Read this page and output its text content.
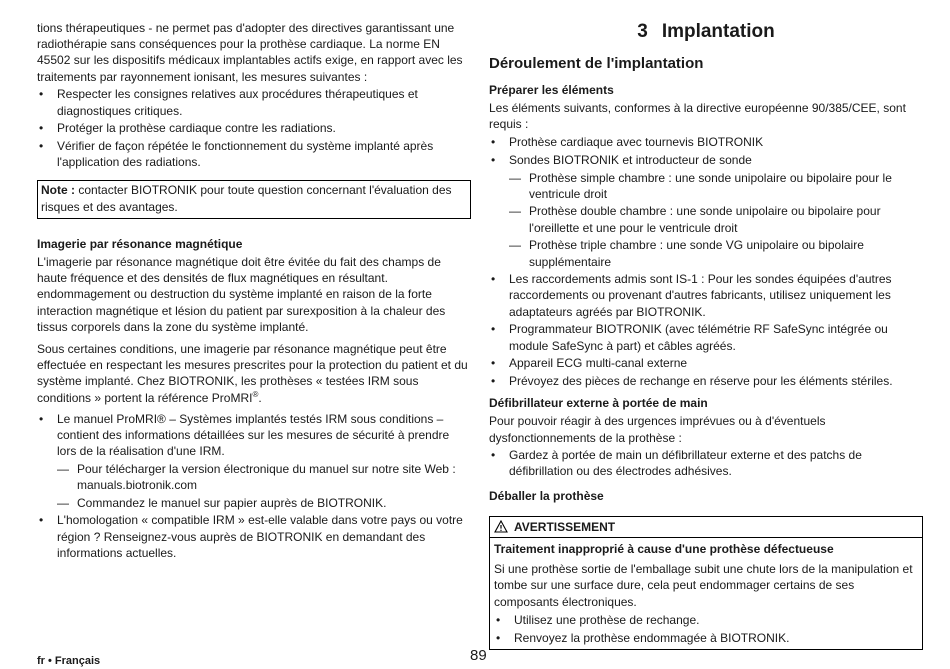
tions thérapeutiques - ne permet pas d'adopter des directives garantissant une radiothérapie sans conséquences pour la prothèse cardiaque. La norme EN 45502 sur les dispositifs médicaux implantables actifs exige, en rapport avec les traitements par rayonnement ionisant, les mesures suivantes :

• Respecter les consignes relatives aux procédures thérapeutiques et diagnostiques critiques.
• Protéger la prothèse cardiaque contre les radiations.
• Vérifier de façon répétée le fonctionnement du système implanté après l'application des radiations.
Note : contacter BIOTRONIK pour toute question concernant l'évaluation des risques et des avantages.
Imagerie par résonance magnétique

L'imagerie par résonance magnétique doit être évitée du fait des champs de haute fréquence et des densités de flux magnétiques en résultant. endommagement ou destruction du système implanté en raison de la forte interaction magnétique et lésion du patient par surexposition à la chaleur des tissus corporels dans la zone du système implanté.

Sous certaines conditions, une imagerie par résonance magnétique peut être effectuée en respectant les mesures prescrites pour la protection du patient et du système implanté. Chez BIOTRONIK, les prothèses « testées IRM sous conditions » portent la référence ProMRI®.

• Le manuel ProMRI® – Systèmes implantés testés IRM sous conditions – contient des informations détaillées sur les mesures de sécurité à prendre lors de la réalisation d'une IRM.
— Pour télécharger la version électronique du manuel sur notre site Web : manuals.biotronik.com
— Commandez le manuel sur papier auprès de BIOTRONIK.
• L'homologation « compatible IRM » est-elle valable dans votre pays ou votre région ? Renseignez-vous auprès de BIOTRONIK en demandant des informations actuelles.
3 Implantation
Déroulement de l'implantation
Préparer les éléments

Les éléments suivants, conformes à la directive européenne 90/385/CEE, sont requis :

• Prothèse cardiaque avec tournevis BIOTRONIK
• Sondes BIOTRONIK et introducteur de sonde
— Prothèse simple chambre : une sonde unipolaire ou bipolaire pour le ventricule droit
— Prothèse double chambre : une sonde unipolaire ou bipolaire pour l'oreillette et une pour le ventricule droit
— Prothèse triple chambre : une sonde VG unipolaire ou bipolaire supplémentaire
• Les raccordements admis sont IS-1 : Pour les sondes équipées d'autres raccordements ou provenant d'autres fabricants, utilisez uniquement les adaptateurs agréés par BIOTRONIK.
• Programmateur BIOTRONIK (avec télémétrie RF SafeSync intégrée ou module SafeSync à part) et câbles agréés.
• Appareil ECG multi-canal externe
• Prévoyez des pièces de rechange en réserve pour les éléments stériles.
Défibrillateur externe à portée de main

Pour pouvoir réagir à des urgences imprévues ou à d'éventuels dysfonctionnements de la prothèse :

• Gardez à portée de main un défibrillateur externe et des patchs de défibrillation ou des électrodes adhésives.
Déballer la prothèse
AVERTISSEMENT
Traitement inapproprié à cause d'une prothèse défectueuse

Si une prothèse sortie de l'emballage subit une chute lors de la manipulation et tombe sur une surface dure, cela peut endommager certains de ses composants électroniques.

• Utilisez une prothèse de rechange.
• Renvoyez la prothèse endommagée à BIOTRONIK.
fr • Français	89
